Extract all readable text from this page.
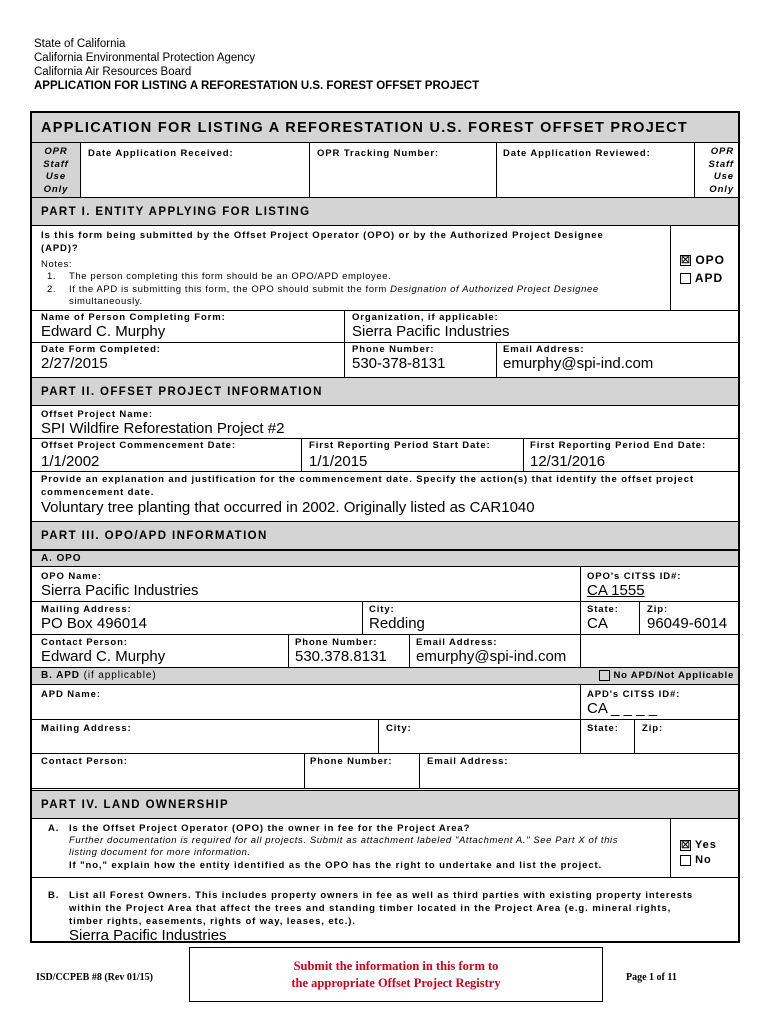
State of California
California Environmental Protection Agency
California Air Resources Board
APPLICATION FOR LISTING A REFORESTATION U.S. FOREST OFFSET PROJECT
APPLICATION FOR LISTING A REFORESTATION U.S. FOREST OFFSET PROJECT
OPR
Staff
Use
Only
Date Application Received:	OPR Tracking Number:	Date Application Reviewed:	OPR
Staff
Use
Only
PART I. ENTITY APPLYING FOR LISTING
Is this form being submitted by the Offset Project Operator (OPO) or by the Authorized Project Designee
(APD)?
Notes:
1. The person completing this form should be an OPO/APD employee.
2. If the APD is submitting this form, the OPO should submit the form Designation of Authorized Project Designee
simultaneously.
☒ OPO
APD
Name of Person Completing Form:
Edward C. Murphy
Organization, if applicable:
Sierra Pacific Industries
Date Form Completed:
2/27/2015
Phone Number:
530-378-8131
Email Address:
emurphy@spi-ind.com
PART II. OFFSET PROJECT INFORMATION
Offset Project Name:
SPI Wildfire Reforestation Project #2
Offset Project Commencement Date:
1/1/2002
First Reporting Period Start Date:
1/1/2015
First Reporting Period End Date:
12/31/2016
Provide an explanation and justification for the commencement date. Specify the action(s) that identify the offset project
commencement date.
Voluntary tree planting that occurred in 2002. Originally listed as CAR1040
PART III. OPO/APD INFORMATION
A. OPO
OPO Name:
Sierra Pacific Industries
OPO's CITSS ID#:
CA 1555
Mailing Address:
PO Box 496014
City:
Redding
State:
CA
Zip:
96049-6014
Contact Person:
Edward C. Murphy
Phone Number:
530.378.8131
Email Address:
emurphy@spi-ind.com
B. APD (if applicable)	No APD/Not Applicable
APD Name:	APD's CITSS ID#:
CA _ _ _ _
Mailing Address:	City:	State: Zip:
Contact Person:	Phone Number:	Email Address:
PART IV. LAND OWNERSHIP
A. Is the Offset Project Operator (OPO) the owner in fee for the Project Area?
Further documentation is required for all projects. Submit as attachment labeled "Attachment A." See Part X of this
listing document for more information.
If "no," explain how the entity identified as the OPO has the right to undertake and list the project.
☒ Yes
No
B. List all Forest Owners. This includes property owners in fee as well as third parties with existing property interests
within the Project Area that affect the trees and standing timber located in the Project Area (e.g. mineral rights,
timber rights, easements, rights of way, leases, etc.).
Sierra Pacific Industries
ISD/CCPEB #8 (Rev 01/15)
Submit the information in this form to
the appropriate Offset Project Registry	Page 1 of 11
